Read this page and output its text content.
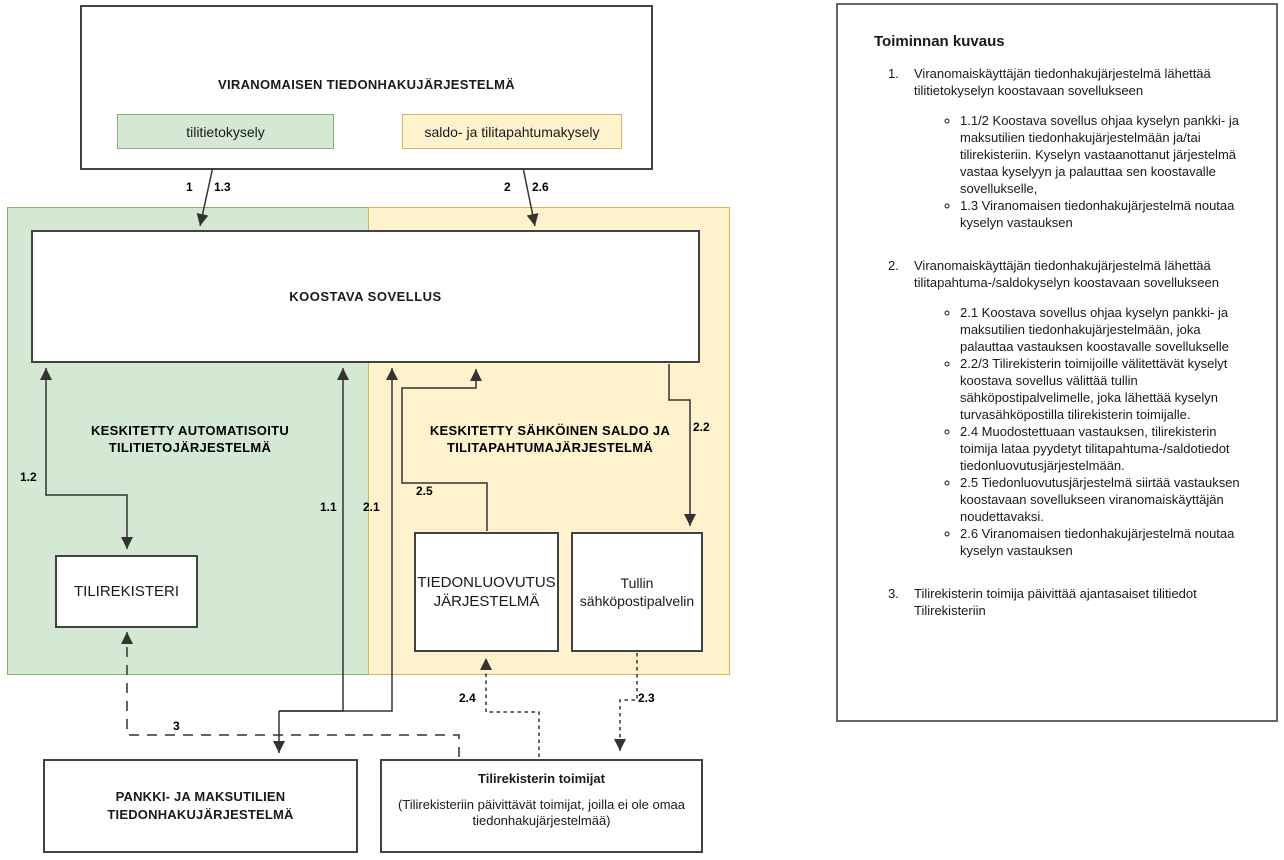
KESKITETTY AUTOMATISOITU
TILITIETOJÄRJESTELMÄ
KESKITETTY SÄHKÖINEN SALDO JA
TILITAPAHTUMAJÄRJESTELMÄ
VIRANOMAISEN TIEDONHAKUJÄRJESTELMÄ
tilitietokysely	saldo- ja tilitapahtumakysely
KOOSTAVA SOVELLUS
TILIREKISTERI
TIEDONLUOVUTUS
JÄRJESTELMÄ
Tullin
sähköpostipalvelin
PANKKI- JA MAKSUTILIEN
TIEDONHAKUJÄRJESTELMÄ
Tilirekisterin toimijat
(Tilirekisteriin päivittävät toimijat, joilla ei ole omaa tiedonhakujärjestelmää)
1 1.3	2 2.6
1.2
1.1 2.1
2.2
2.5
2.4	2.3
3
Toiminnan kuvaus
1.	Viranomaiskäyttäjän tiedonhakujärjestelmä lähettää tilitietokyselyn koostavaan sovellukseen
◦ 1.1/2 Koostava sovellus ohjaa kyselyn pankki- ja maksutilien tiedonhakujärjestelmään ja/tai tilirekisteriin. Kyselyn vastaanottanut järjestelmä vastaa kyselyyn ja palauttaa sen koostavalle sovellukselle,
◦ 1.3 Viranomaisen tiedonhakujärjestelmä noutaa kyselyn vastauksen
2.	Viranomaiskäyttäjän tiedonhakujärjestelmä lähettää tilitapahtuma-/saldokyselyn koostavaan sovellukseen
◦ 2.1 Koostava sovellus ohjaa kyselyn pankki- ja maksutilien tiedonhakujärjestelmään, joka palauttaa vastauksen koostavalle sovellukselle
◦ 2.2/3 Tilirekisterin toimijoille välitettävät kyselyt koostava sovellus välittää tullin sähköpostipalvelimelle, joka lähettää kyselyn turvasähköpostilla tilirekisterin toimijalle.
◦ 2.4 Muodostettuaan vastauksen, tilirekisterin toimija lataa pyydetyt tilitapahtuma-/saldotiedot tiedonluovutusjärjestelmään.
◦ 2.5 Tiedonluovutusjärjestelmä siirtää vastauksen koostavaan sovellukseen viranomaiskäyttäjän noudettavaksi.
◦ 2.6 Viranomaisen tiedonhakujärjestelmä noutaa kyselyn vastauksen
3.	Tilirekisterin toimija päivittää ajantasaiset tilitiedot Tilirekisteriin
